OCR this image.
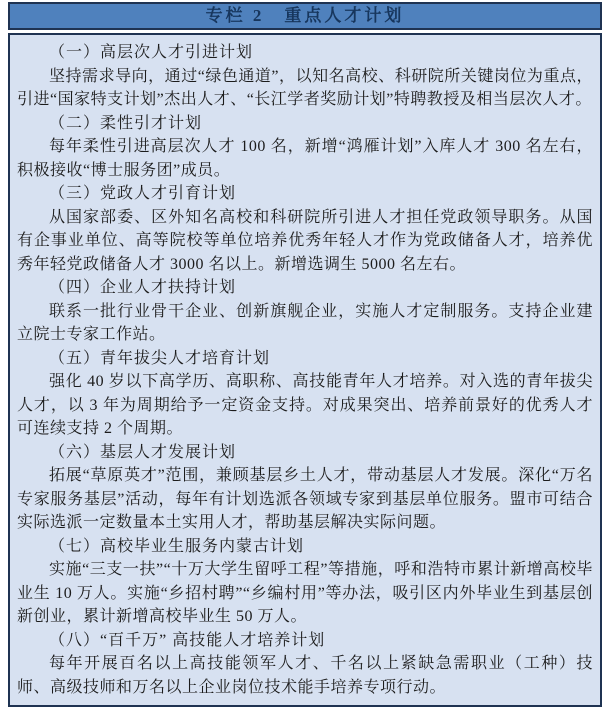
专栏 2　重点人才计划

（一）高层次人才引进计划

坚持需求导向，通过“绿色通道”，以知名高校、科研院所关键岗位为重点，引进“国家特支计划”杰出人才、“长江学者奖励计划”特聘教授及相当层次人才。

（二）柔性引才计划

每年柔性引进高层次人才 100 名，新增“鸿雁计划”入库人才 300 名左右，积极接收“博士服务团”成员。

（三）党政人才引育计划

从国家部委、区外知名高校和科研院所引进人才担任党政领导职务。从国有企事业单位、高等院校等单位培养优秀年轻人才作为党政储备人才，培养优秀年轻党政储备人才 3000 名以上。新增选调生 5000 名左右。

（四）企业人才扶持计划

联系一批行业骨干企业、创新旗舰企业，实施人才定制服务。支持企业建立院士专家工作站。

（五）青年拔尖人才培育计划

强化 40 岁以下高学历、高职称、高技能青年人才培养。对入选的青年拔尖人才，以 3 年为周期给予一定资金支持。对成果突出、培养前景好的优秀人才可连续支持 2 个周期。

（六）基层人才发展计划

拓展“草原英才”范围，兼顾基层乡土人才，带动基层人才发展。深化“万名专家服务基层”活动，每年有计划选派各领域专家到基层单位服务。盟市可结合实际选派一定数量本土实用人才，帮助基层解决实际问题。

（七）高校毕业生服务内蒙古计划

实施“三支一扶”“十万大学生留呼工程”等措施，呼和浩特市累计新增高校毕业生 10 万人。实施“乡招村聘”“乡编村用”等办法，吸引区内外毕业生到基层创新创业，累计新增高校毕业生 50 万人。

（八）“百千万” 高技能人才培养计划

每年开展百名以上高技能领军人才、千名以上紧缺急需职业（工种）技师、高级技师和万名以上企业岗位技术能手培养专项行动。
